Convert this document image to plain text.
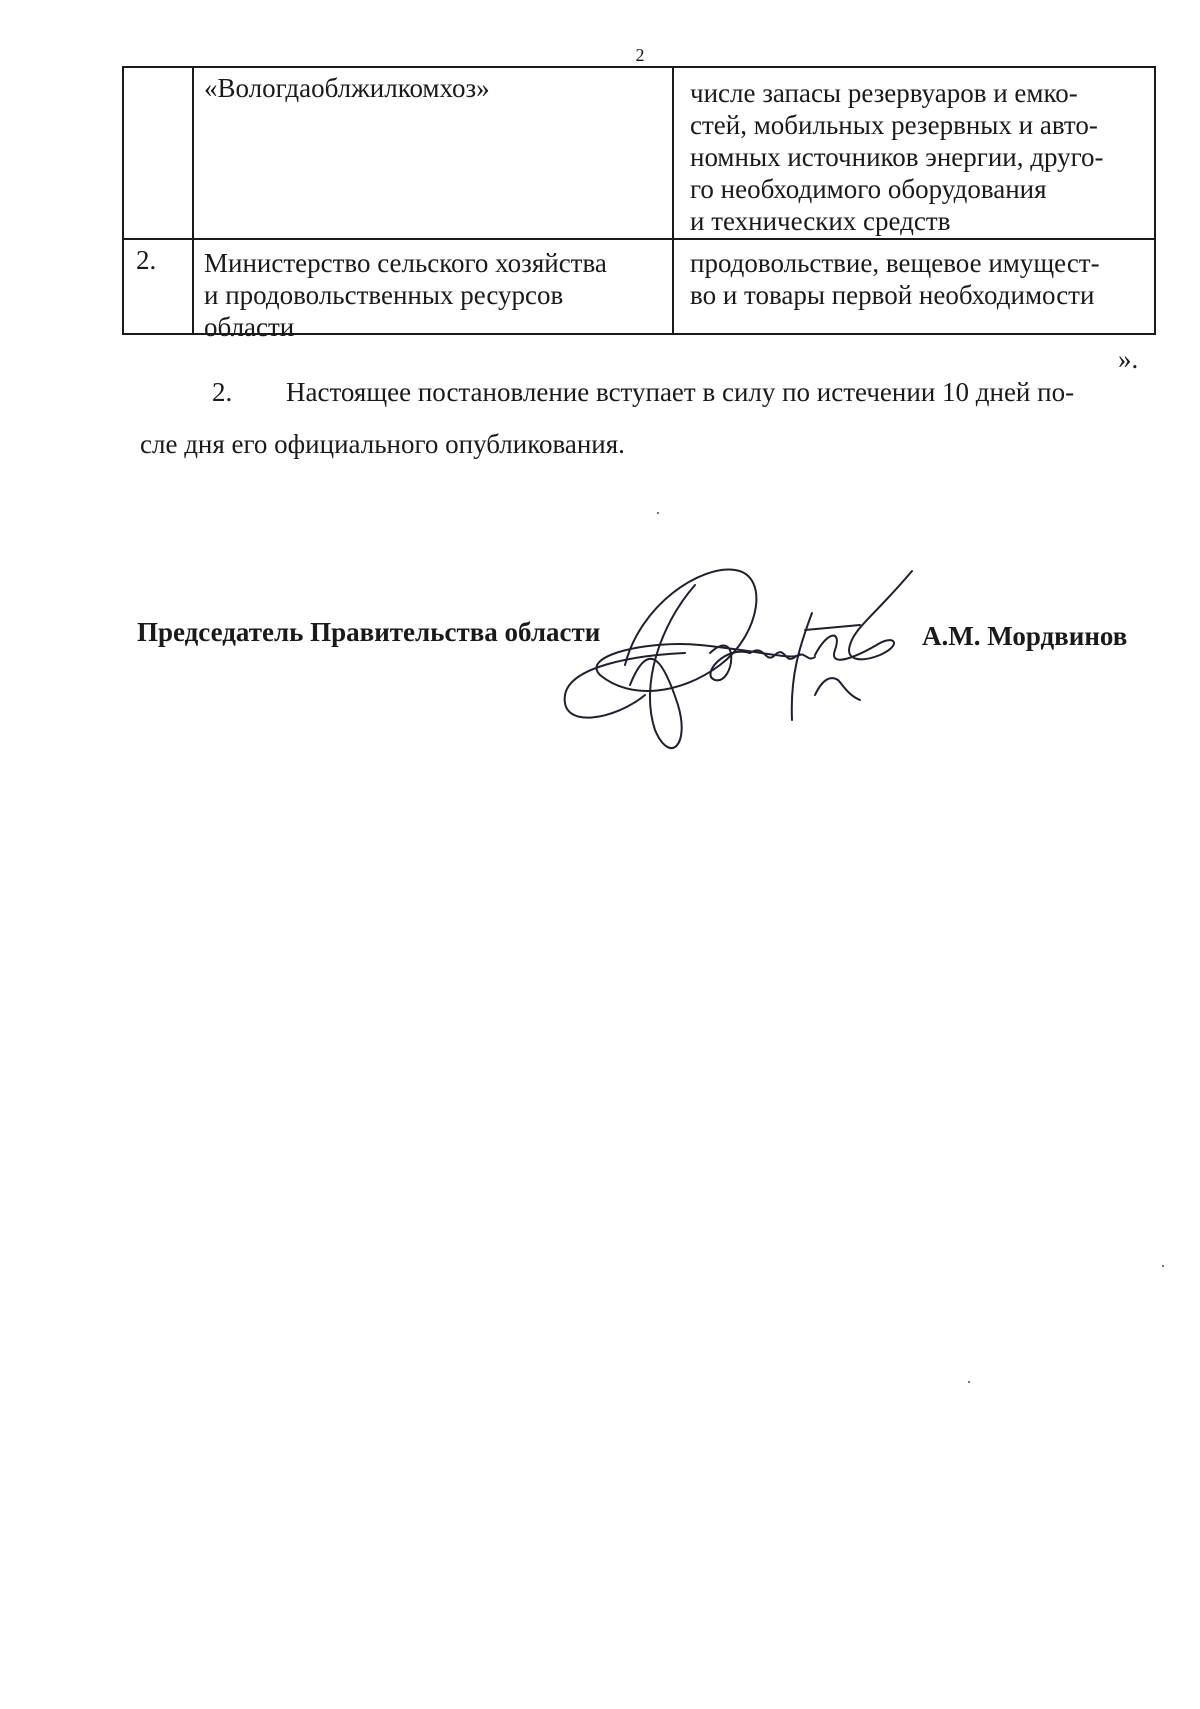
2
«Вологдаоблжилкомхоз»	числе запасы резервуаров и емко-
стей, мобильных резервных и авто-
номных источников энергии, друго-
го необходимого оборудования
и технических средств
2. Министерство сельского хозяйства
и продовольственных ресурсов
области
продовольствие, вещевое имущест-
во и товары первой необходимости
».
2. Настоящее постановление вступает в силу по истечении 10 дней по-
сле дня его официального опубликования.
Председатель Правительства области	А.М. Мордвинов
